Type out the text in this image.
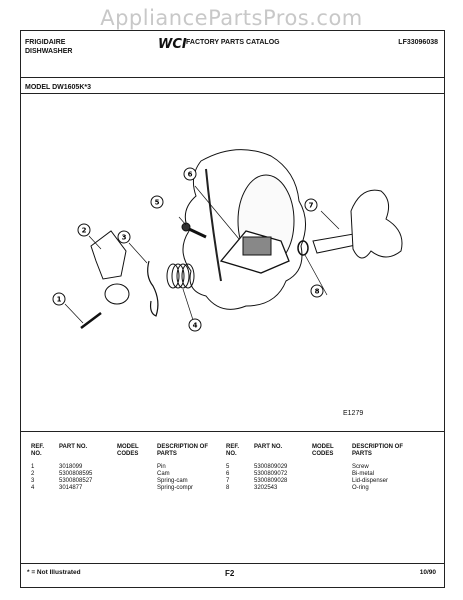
AppliancePartsPros.com
FRIGIDAIRE
DISHWASHER	WCI FACTORY PARTS CATALOG	LF33096038
MODEL DW1605K*3
1
2
3
4
5
6
7
8
E1279
REF. NO.	PART NO.	MODEL CODES	DESCRIPTION OF PARTS
1	3018099		Pin
2	5300808595		Cam
3	5300808527		Spring-cam
4	3014877		Spring-compr
REF. NO.	PART NO.	MODEL CODES	DESCRIPTION OF PARTS
5	5300809029		Screw
6	5300809072		Bi-metal
7	5300809028		Lid-dispenser
8	3202543		O-ring
* = Not Illustrated	F2	10/90
